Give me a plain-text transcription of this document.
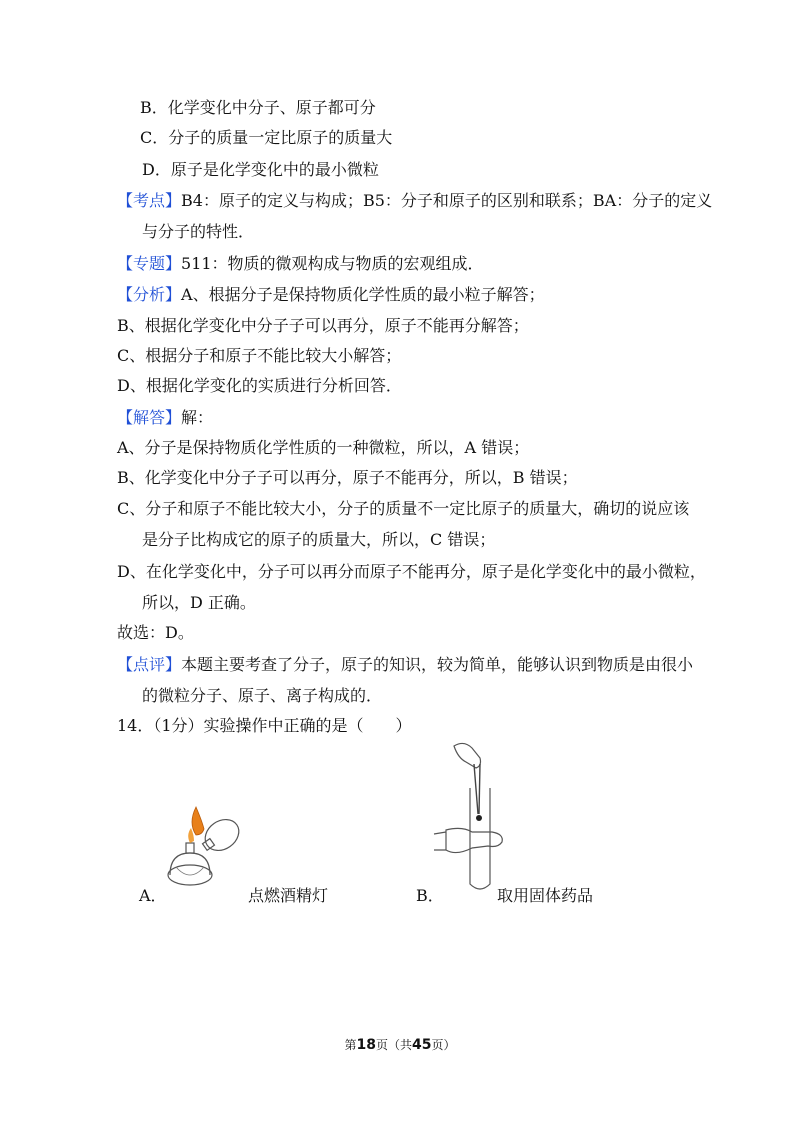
B．化学变化中分子、原子都可分
C．分子的质量一定比原子的质量大
D．原子是化学变化中的最小微粒
【考点】B4：原子的定义与构成；B5：分子和原子的区别和联系；BA：分子的定义
与分子的特性．
【专题】511：物质的微观构成与物质的宏观组成．
【分析】A、根据分子是保持物质化学性质的最小粒子解答；
B、根据化学变化中分子子可以再分，原子不能再分解答；
C、根据分子和原子不能比较大小解答；
D、根据化学变化的实质进行分析回答．
【解答】解：
A、分子是保持物质化学性质的一种微粒，所以，A 错误；
B、化学变化中分子子可以再分，原子不能再分，所以，B 错误；
C、分子和原子不能比较大小，分子的质量不一定比原子的质量大，确切的说应该
是分子比构成它的原子的质量大，所以，C 错误；
D、在化学变化中，分子可以再分而原子不能再分，原子是化学变化中的最小微粒，
所以，D 正确。
故选：D。
【点评】本题主要考查了分子，原子的知识，较为简单，能够认识到物质是由很小
的微粒分子、原子、离子构成的．
14．（1分）实验操作中正确的是（　　）
A．	点燃酒精灯	B．	取用固体药品
第18页（共45页）
